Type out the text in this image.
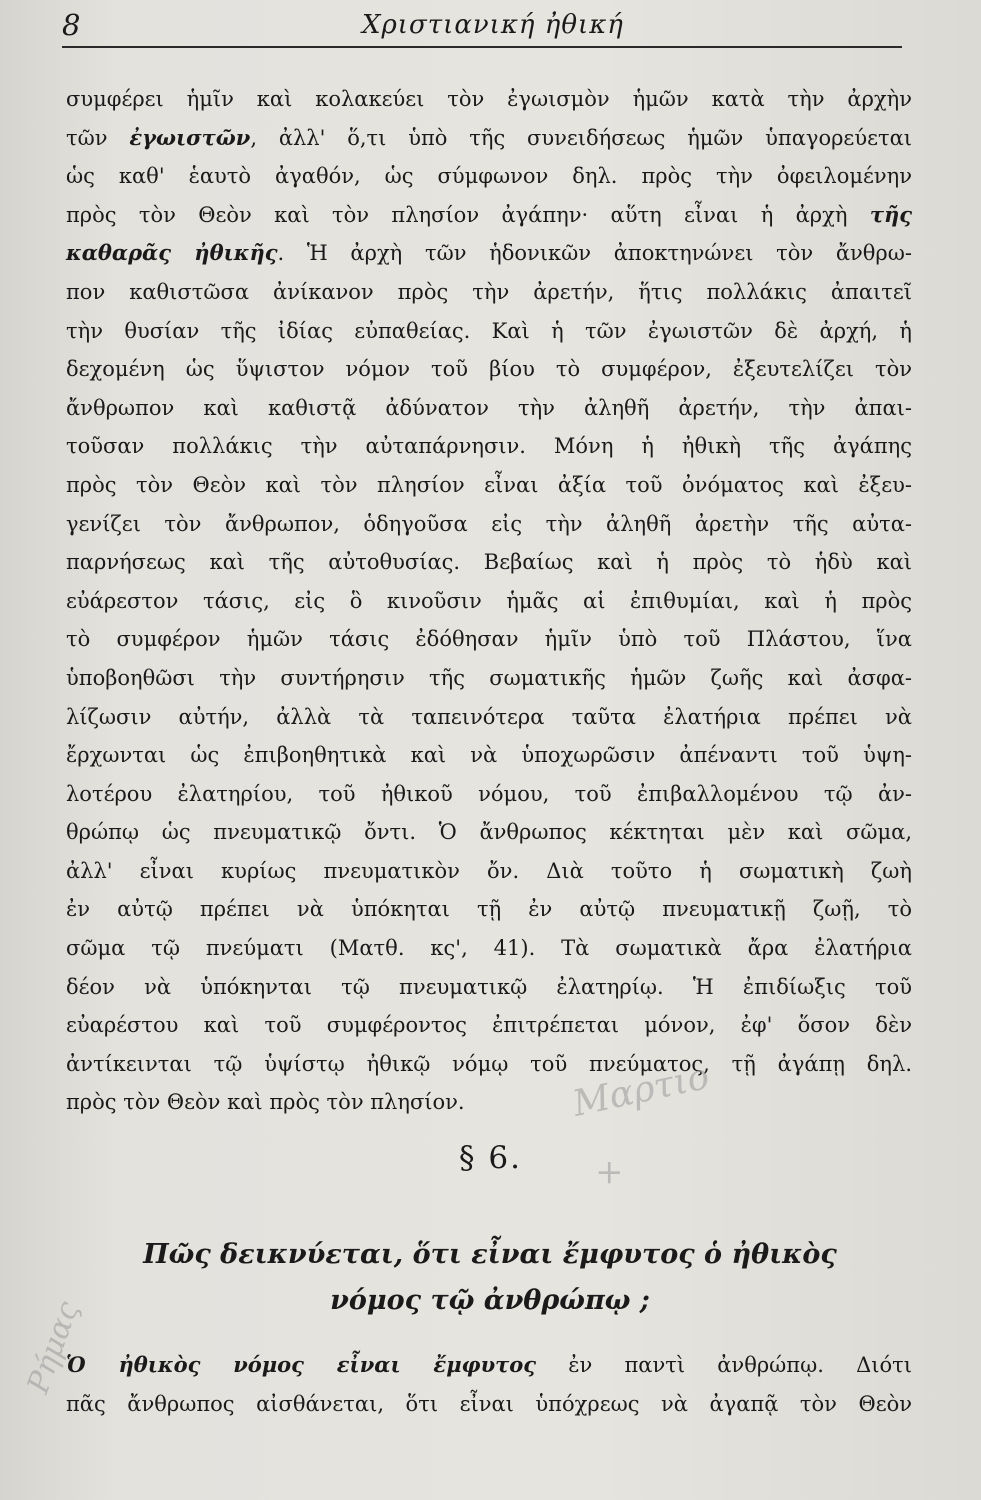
8	Χριστιανική ἠθική
συμφέρει ἡμῖν καὶ κολακεύει τὸν ἐγωισμὸν ἡμῶν κατὰ τὴν ἀρχὴν
τῶν ἐγωιστῶν, ἀλλ' ὅ,τι ὑπὸ τῆς συνειδήσεως ἡμῶν ὑπαγορεύεται
ὡς καθ' ἑαυτὸ ἀγαθόν, ὡς σύμφωνον δηλ. πρὸς τὴν ὀφειλομένην
πρὸς τὸν Θεὸν καὶ τὸν πλησίον ἀγάπην· αὕτη εἶναι ἡ ἀρχὴ τῆς
καθαρᾶς ἠθικῆς. Ἡ ἀρχὴ τῶν ἡδονικῶν ἀποκτηνώνει τὸν ἄνθρω-
πον καθιστῶσα ἀνίκανον πρὸς τὴν ἀρετήν, ἥτις πολλάκις ἀπαιτεῖ
τὴν θυσίαν τῆς ἰδίας εὐπαθείας. Καὶ ἡ τῶν ἐγωιστῶν δὲ ἀρχή, ἡ
δεχομένη ὡς ὕψιστον νόμον τοῦ βίου τὸ συμφέρον, ἐξευτελίζει τὸν
ἄνθρωπον καὶ καθιστᾷ ἀδύνατον τὴν ἀληθῆ ἀρετήν, τὴν ἀπαι-
τοῦσαν πολλάκις τὴν αὐταπάρνησιν. Μόνη ἡ ἠθικὴ τῆς ἀγάπης
πρὸς τὸν Θεὸν καὶ τὸν πλησίον εἶναι ἀξία τοῦ ὀνόματος καὶ ἐξευ-
γενίζει τὸν ἄνθρωπον, ὁδηγοῦσα εἰς τὴν ἀληθῆ ἀρετὴν τῆς αὐτα-
παρνήσεως καὶ τῆς αὐτοθυσίας. Βεβαίως καὶ ἡ πρὸς τὸ ἡδὺ καὶ
εὐάρεστον τάσις, εἰς ὃ κινοῦσιν ἡμᾶς αἱ ἐπιθυμίαι, καὶ ἡ πρὸς
τὸ συμφέρον ἡμῶν τάσις ἐδόθησαν ἡμῖν ὑπὸ τοῦ Πλάστου, ἵνα
ὑποβοηθῶσι τὴν συντήρησιν τῆς σωματικῆς ἡμῶν ζωῆς καὶ ἀσφα-
λίζωσιν αὐτήν, ἀλλὰ τὰ ταπεινότερα ταῦτα ἐλατήρια πρέπει νὰ
ἔρχωνται ὡς ἐπιβοηθητικὰ καὶ νὰ ὑποχωρῶσιν ἀπέναντι τοῦ ὑψη-
λοτέρου ἐλατηρίου, τοῦ ἠθικοῦ νόμου, τοῦ ἐπιβαλλομένου τῷ ἀν-
θρώπῳ ὡς πνευματικῷ ὄντι. Ὁ ἄνθρωπος κέκτηται μὲν καὶ σῶμα,
ἀλλ' εἶναι κυρίως πνευματικὸν ὄν. Διὰ τοῦτο ἡ σωματικὴ ζωὴ
ἐν αὐτῷ πρέπει νὰ ὑπόκηται τῇ ἐν αὐτῷ πνευματικῇ ζωῇ, τὸ
σῶμα τῷ πνεύματι (Ματθ. κς', 41). Τὰ σωματικὰ ἄρα ἐλατήρια
δέον νὰ ὑπόκηνται τῷ πνευματικῷ ἐλατηρίῳ. Ἡ ἐπιδίωξις τοῦ
εὐαρέστου καὶ τοῦ συμφέροντος ἐπιτρέπεται μόνον, ἐφ' ὅσον δὲν
ἀντίκεινται τῷ ὑψίστῳ ἠθικῷ νόμῳ τοῦ πνεύματος, τῇ ἀγάπῃ δηλ.
πρὸς τὸν Θεὸν καὶ πρὸς τὸν πλησίον.
§ 6.
Πῶς δεικνύεται, ὅτι εἶναι ἔμφυτος ὁ ἠθικὸς
νόμος τῷ ἀνθρώπῳ ;
Ὁ ἠθικὸς νόμος εἶναι ἔμφυτος ἐν παντὶ ἀνθρώπῳ. Διότι
πᾶς ἄνθρωπος αἰσθάνεται, ὅτι εἶναι ὑπόχρεως νὰ ἀγαπᾷ τὸν Θεὸν
Μαρτιο
+
Ρήμας
